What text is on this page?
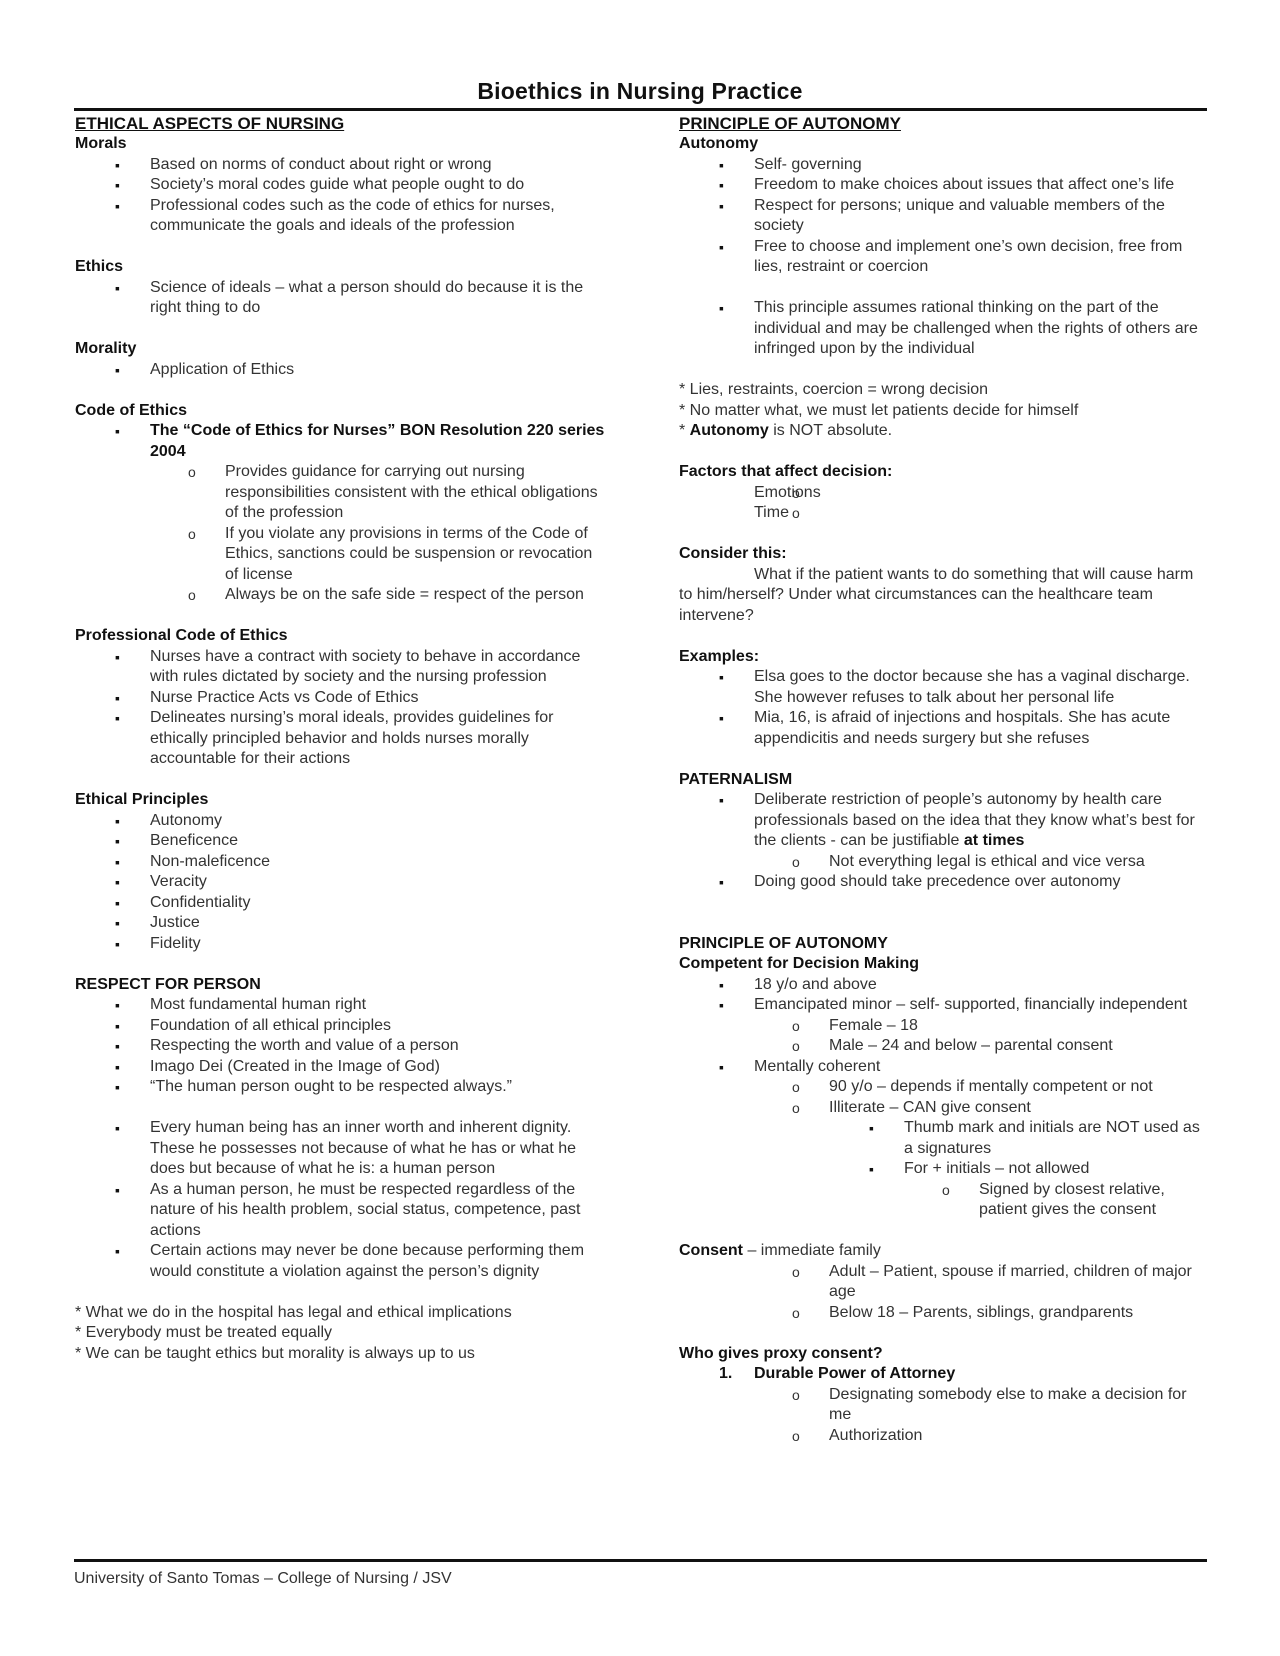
Bioethics in Nursing Practice
ETHICAL ASPECTS OF NURSING
Morals
▪ Based on norms of conduct about right or wrong
▪ Society’s moral codes guide what people ought to do
▪ Professional codes such as the code of ethics for nurses, communicate the goals and ideals of the profession
Ethics
▪ Science of ideals – what a person should do because it is the right thing to do
Morality
▪ Application of Ethics
Code of Ethics
▪ The “Code of Ethics for Nurses” BON Resolution 220 series 2004
o Provides guidance for carrying out nursing responsibilities consistent with the ethical obligations of the profession
o If you violate any provisions in terms of the Code of Ethics, sanctions could be suspension or revocation of license
o Always be on the safe side = respect of the person
Professional Code of Ethics
▪ Nurses have a contract with society to behave in accordance with rules dictated by society and the nursing profession
▪ Nurse Practice Acts vs Code of Ethics
▪ Delineates nursing’s moral ideals, provides guidelines for ethically principled behavior and holds nurses morally accountable for their actions
Ethical Principles
▪ Autonomy
▪ Beneficence
▪ Non-maleficence
▪ Veracity
▪ Confidentiality
▪ Justice
▪ Fidelity
RESPECT FOR PERSON
▪ Most fundamental human right
▪ Foundation of all ethical principles
▪ Respecting the worth and value of a person
▪ Imago Dei (Created in the Image of God)
▪ “The human person ought to be respected always.”
▪ Every human being has an inner worth and inherent dignity. These he possesses not because of what he has or what he does but because of what he is: a human person
▪ As a human person, he must be respected regardless of the nature of his health problem, social status, competence, past actions
▪ Certain actions may never be done because performing them would constitute a violation against the person’s dignity
* What we do in the hospital has legal and ethical implications
* Everybody must be treated equally
* We can be taught ethics but morality is always up to us
PRINCIPLE OF AUTONOMY
Autonomy
▪ Self- governing
▪ Freedom to make choices about issues that affect one’s life
▪ Respect for persons; unique and valuable members of the society
▪ Free to choose and implement one’s own decision, free from lies, restraint or coercion
▪ This principle assumes rational thinking on the part of the individual and may be challenged when the rights of others are infringed upon by the individual
* Lies, restraints, coercion = wrong decision
* No matter what, we must let patients decide for himself
* Autonomy is NOT absolute.
Factors that affect decision:
o Emotions
o Time
Consider this:
What if the patient wants to do something that will cause harm to him/herself? Under what circumstances can the healthcare team intervene?
Examples:
▪ Elsa goes to the doctor because she has a vaginal discharge. She however refuses to talk about her personal life
▪ Mia, 16, is afraid of injections and hospitals. She has acute appendicitis and needs surgery but she refuses
PATERNALISM
▪ Deliberate restriction of people’s autonomy by health care professionals based on the idea that they know what’s best for the clients - can be justifiable at times
o Not everything legal is ethical and vice versa
▪ Doing good should take precedence over autonomy
PRINCIPLE OF AUTONOMY
Competent for Decision Making
▪ 18 y/o and above
▪ Emancipated minor – self- supported, financially independent
o Female – 18
o Male – 24 and below – parental consent
▪ Mentally coherent
o 90 y/o – depends if mentally competent or not
o Illiterate – CAN give consent
▪ Thumb mark and initials are NOT used as a signatures
▪ For + initials – not allowed
o Signed by closest relative, patient gives the consent
Consent – immediate family
o Adult – Patient, spouse if married, children of major age
o Below 18 – Parents, siblings, grandparents
Who gives proxy consent?
1. Durable Power of Attorney
o Designating somebody else to make a decision for me
o Authorization
University of Santo Tomas – College of Nursing / JSV
